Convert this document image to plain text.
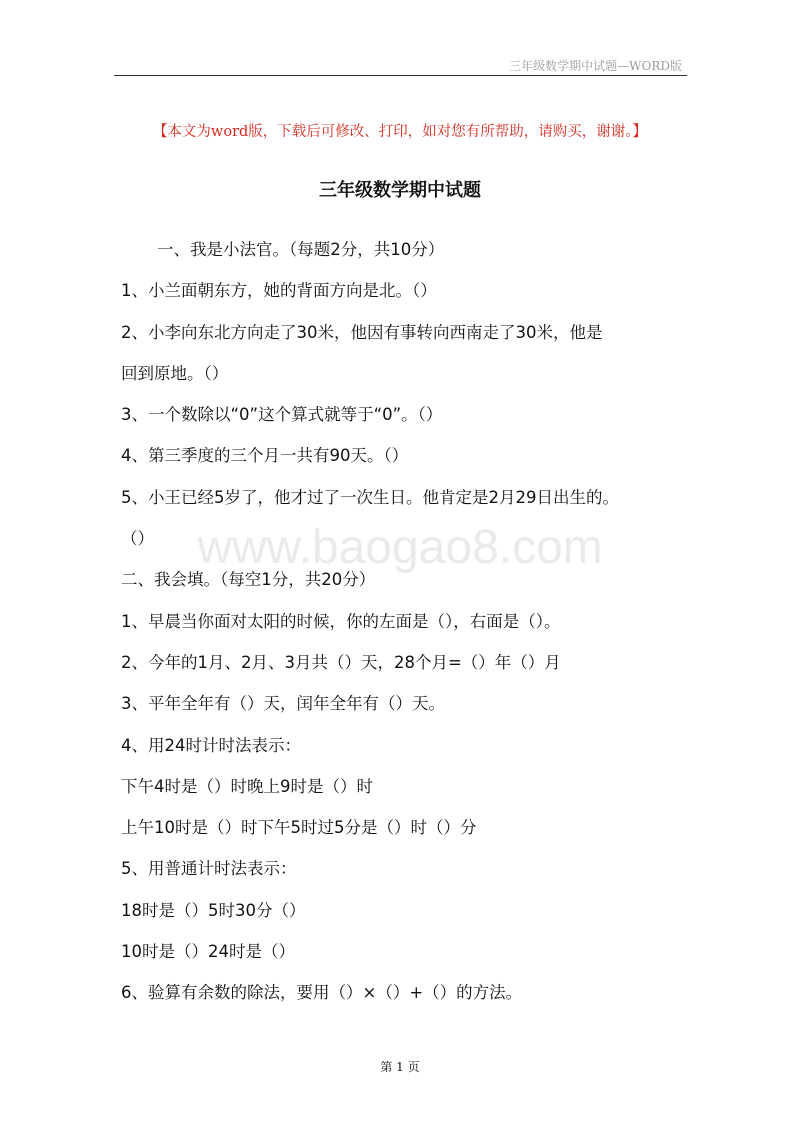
三年级数学期中试题—WORD版
【本文为word版，下载后可修改、打印，如对您有所帮助，请购买，谢谢。】
三年级数学期中试题
www.baogao8.com
一、我是小法官。（每题2分，共10分）
1、小兰面朝东方，她的背面方向是北。（）
2、小李向东北方向走了30米，他因有事转向西南走了30米，他是
回到原地。（）
3、一个数除以“0”这个算式就等于“0”。（）
4、第三季度的三个月一共有90天。（）
5、小王已经5岁了，他才过了一次生日。他肯定是2月29日出生的。
（）
二、我会填。（每空1分，共20分）
1、早晨当你面对太阳的时候，你的左面是（），右面是（）。
2、今年的1月、2月、3月共（）天，28个月=（）年（）月
3、平年全年有（）天，闰年全年有（）天。
4、用24时计时法表示：
下午4时是（）时晚上9时是（）时
上午10时是（）时下午5时过5分是（）时（）分
5、用普通计时法表示：
18时是（）5时30分（）
10时是（）24时是（）
6、验算有余数的除法，要用（）×（）+（）的方法。
第 1 页
